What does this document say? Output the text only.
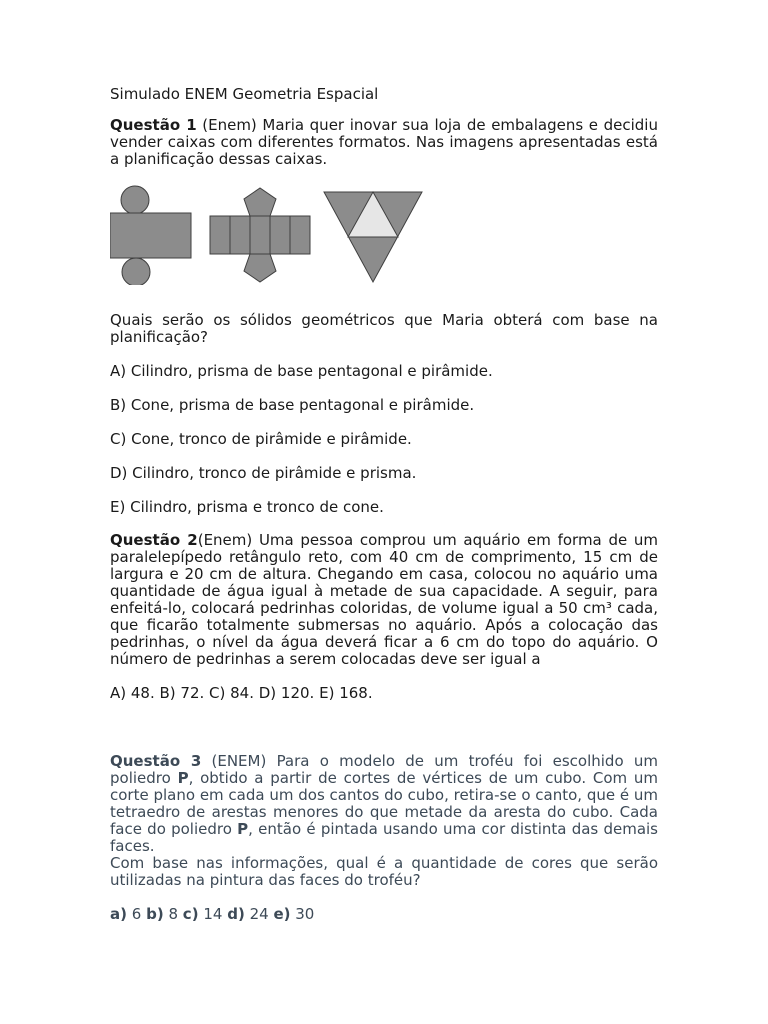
Simulado ENEM Geometria Espacial

Questão 1 (Enem) Maria quer inovar sua loja de embalagens e decidiu vender caixas com diferentes formatos. Nas imagens apresentadas está a planificação dessas caixas.

Quais serão os sólidos geométricos que Maria obterá com base na planificação?

A) Cilindro, prisma de base pentagonal e pirâmide.

B) Cone, prisma de base pentagonal e pirâmide.

C) Cone, tronco de pirâmide e pirâmide.

D) Cilindro, tronco de pirâmide e prisma.

E) Cilindro, prisma e tronco de cone.

Questão 2(Enem) Uma pessoa comprou um aquário em forma de um paralelepípedo retângulo reto, com 40 cm de comprimento, 15 cm de largura e 20 cm de altura. Chegando em casa, colocou no aquário uma quantidade de água igual à metade de sua capacidade. A seguir, para enfeitá-lo, colocará pedrinhas coloridas, de volume igual a 50 cm³ cada, que ficarão totalmente submersas no aquário. Após a colocação das pedrinhas, o nível da água deverá ficar a 6 cm do topo do aquário. O número de pedrinhas a serem colocadas deve ser igual a

A) 48. B) 72. C) 84. D) 120. E) 168.

Questão 3 (ENEM) Para o modelo de um troféu foi escolhido um poliedro P, obtido a partir de cortes de vértices de um cubo. Com um corte plano em cada um dos cantos do cubo, retira-se o canto, que é um tetraedro de arestas menores do que metade da aresta do cubo. Cada face do poliedro P, então é pintada usando uma cor distinta das demais faces.

Com base nas informações, qual é a quantidade de cores que serão utilizadas na pintura das faces do troféu?

a) 6 b) 8 c) 14 d) 24 e) 30
